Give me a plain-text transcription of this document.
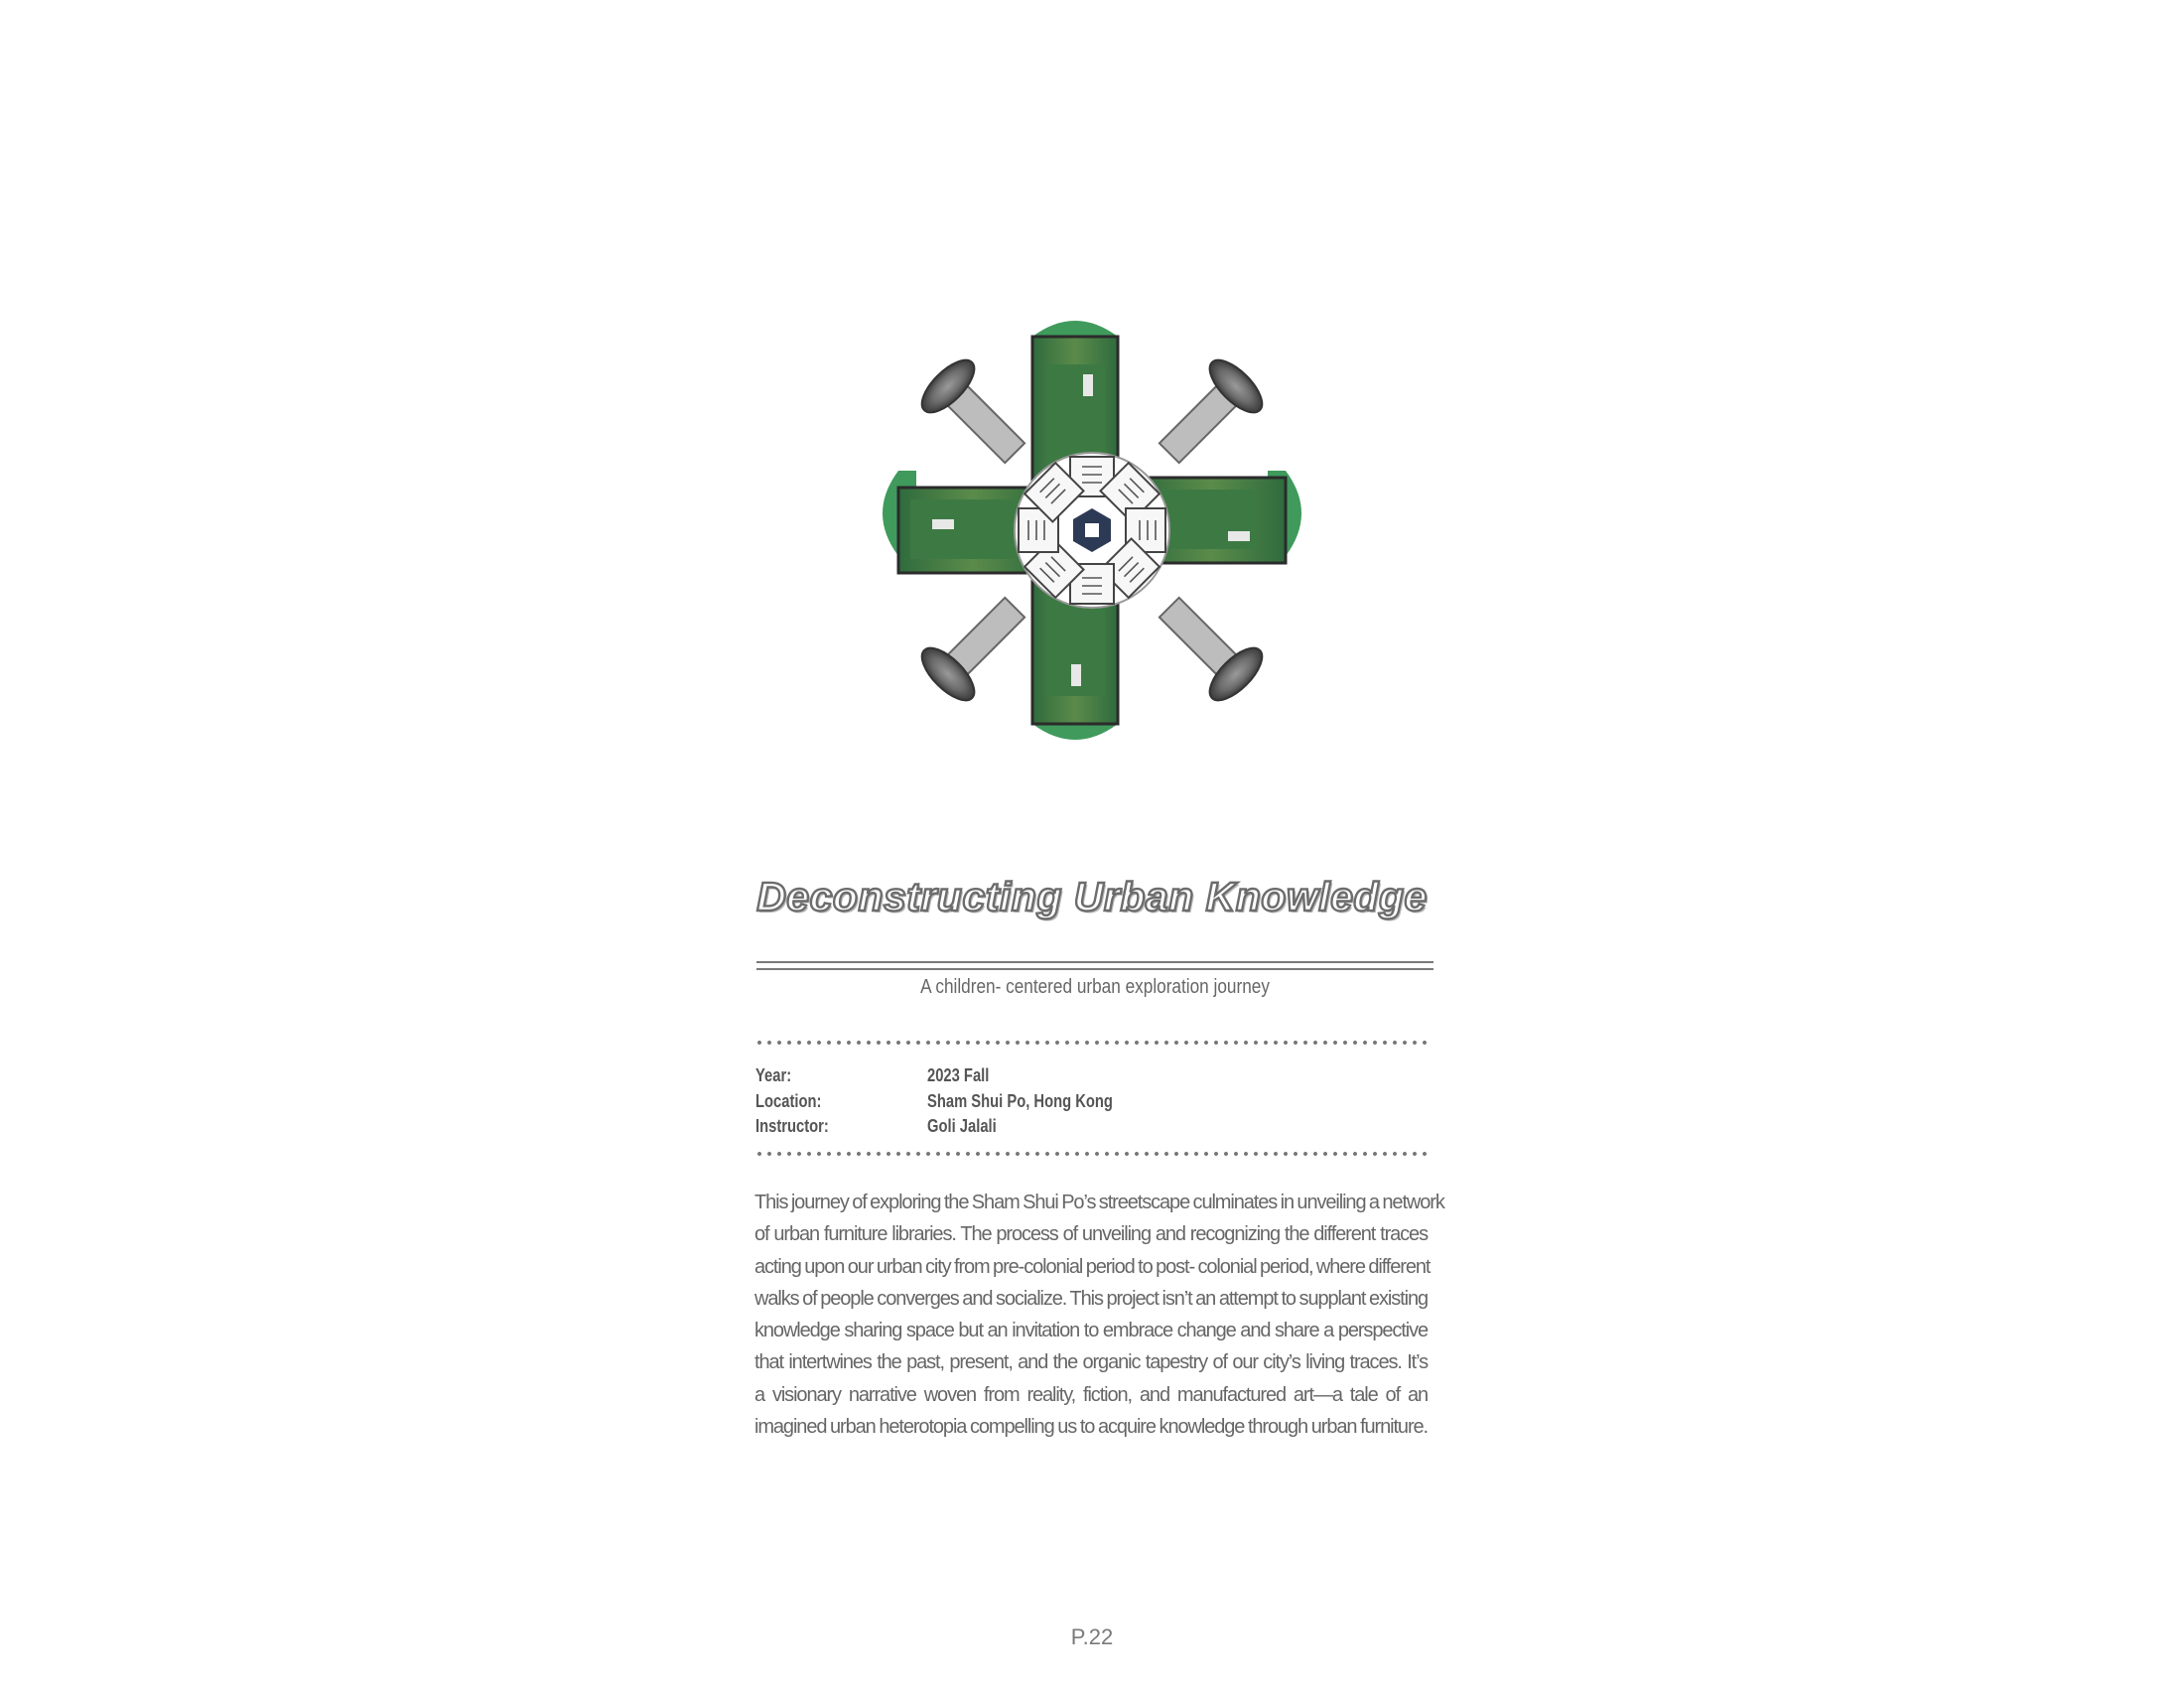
Deconstructing Urban Knowledge
A children- centered urban exploration journey
Year:	2023 Fall
Location:	Sham Shui Po, Hong Kong
Instructor:	Goli Jalali
This journey of exploring the Sham Shui Po’s streetscape culminates in unveiling a network
of urban furniture libraries. The process of unveiling and recognizing the different traces
acting upon our urban city from pre-colonial period to post- colonial period, where different
walks of people converges and socialize. This project isn’t an attempt to supplant existing
knowledge sharing space but an invitation to embrace change and share a perspective
that intertwines the past, present, and the organic tapestry of our city’s living traces. It’s
a visionary narrative woven from reality, fiction, and manufactured art—a tale of an
imagined urban heterotopia compelling us to acquire knowledge through urban furniture.
P.22
